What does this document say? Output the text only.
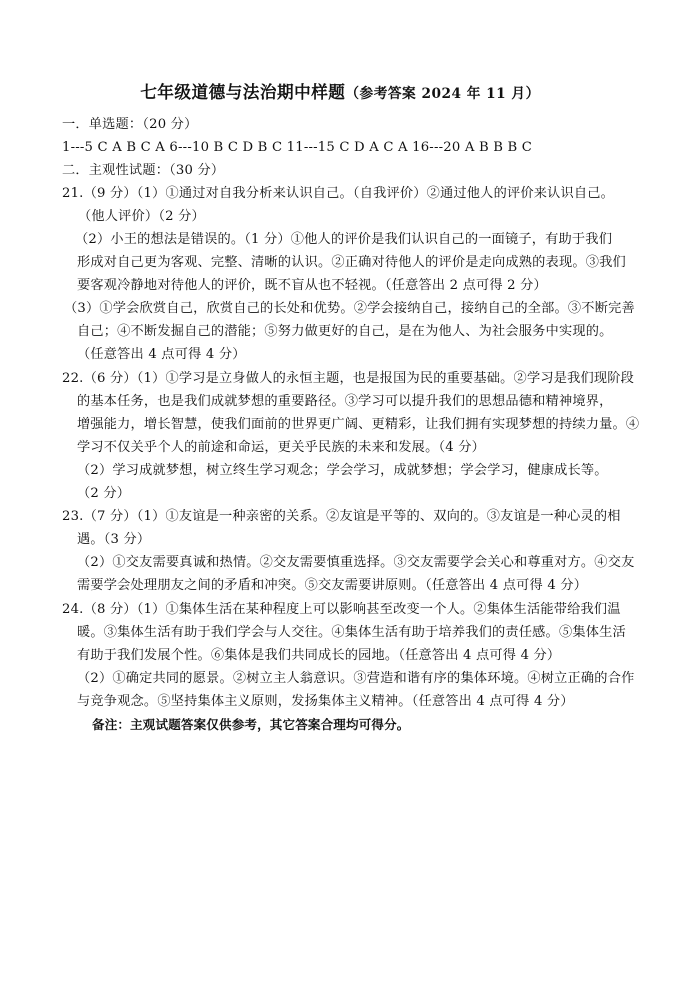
七年级道德与法治期中样题（参考答案 2024 年 11 月）
一．单选题：（20 分）
1---5 C A B C A 6---10 B C D B C 11---15 C D A C A 16---20 A B B B C
二．主观性试题：（30 分）
21.（9 分）（1）①通过对自我分析来认识自己。（自我评价）②通过他人的评价来认识自己。
（他人评价）（2 分）
（2）小王的想法是错误的。（1 分）①他人的评价是我们认识自己的一面镜子，有助于我们
形成对自己更为客观、完整、清晰的认识。②正确对待他人的评价是走向成熟的表现。③我们
要客观冷静地对待他人的评价，既不盲从也不轻视。（任意答出 2 点可得 2 分）
（3）①学会欣赏自己，欣赏自己的长处和优势。②学会接纳自己，接纳自己的全部。③不断完善
自己；④不断发掘自己的潜能；⑤努力做更好的自己，是在为他人、为社会服务中实现的。
（任意答出 4 点可得 4 分）
22.（6 分）（1）①学习是立身做人的永恒主题，也是报国为民的重要基础。②学习是我们现阶段
的基本任务，也是我们成就梦想的重要路径。③学习可以提升我们的思想品德和精神境界，
增强能力，增长智慧，使我们面前的世界更广阔、更精彩，让我们拥有实现梦想的持续力量。④
学习不仅关乎个人的前途和命运，更关乎民族的未来和发展。（4 分）
（2）学习成就梦想，树立终生学习观念；学会学习，成就梦想；学会学习，健康成长等。
（2 分）
23.（7 分）（1）①友谊是一种亲密的关系。②友谊是平等的、双向的。③友谊是一种心灵的相
遇。（3 分）
（2）①交友需要真诚和热情。②交友需要慎重选择。③交友需要学会关心和尊重对方。④交友
需要学会处理朋友之间的矛盾和冲突。⑤交友需要讲原则。（任意答出 4 点可得 4 分）
24.（8 分）（1）①集体生活在某种程度上可以影响甚至改变一个人。②集体生活能带给我们温
暖。③集体生活有助于我们学会与人交往。④集体生活有助于培养我们的责任感。⑤集体生活
有助于我们发展个性。⑥集体是我们共同成长的园地。（任意答出 4 点可得 4 分）
（2）①确定共同的愿景。②树立主人翁意识。③营造和谐有序的集体环境。④树立正确的合作
与竞争观念。⑤坚持集体主义原则，发扬集体主义精神。（任意答出 4 点可得 4 分）
备注：主观试题答案仅供参考，其它答案合理均可得分。
